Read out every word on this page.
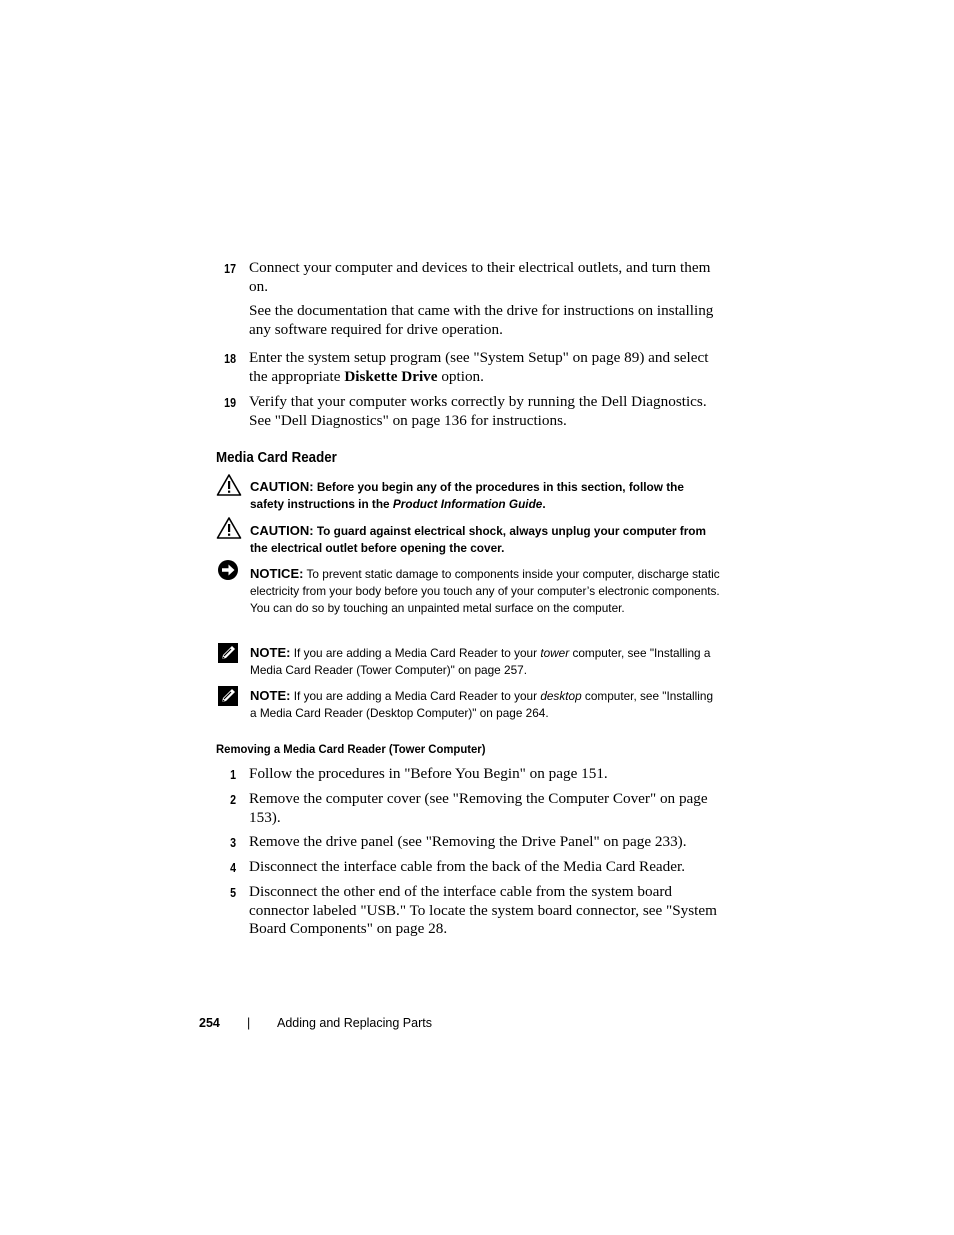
17 Connect your computer and devices to their electrical outlets, and turn them on.
See the documentation that came with the drive for instructions on installing any software required for drive operation.
18 Enter the system setup program (see "System Setup" on page 89) and select the appropriate Diskette Drive option.
19 Verify that your computer works correctly by running the Dell Diagnostics. See "Dell Diagnostics" on page 136 for instructions.
Media Card Reader
CAUTION: Before you begin any of the procedures in this section, follow the safety instructions in the Product Information Guide.
CAUTION: To guard against electrical shock, always unplug your computer from the electrical outlet before opening the cover.
NOTICE: To prevent static damage to components inside your computer, discharge static electricity from your body before you touch any of your computer’s electronic components. You can do so by touching an unpainted metal surface on the computer.
NOTE: If you are adding a Media Card Reader to your tower computer, see "Installing a Media Card Reader (Tower Computer)" on page 257.
NOTE: If you are adding a Media Card Reader to your desktop computer, see "Installing a Media Card Reader (Desktop Computer)" on page 264.
Removing a Media Card Reader (Tower Computer)
1 Follow the procedures in "Before You Begin" on page 151.
2 Remove the computer cover (see "Removing the Computer Cover" on page 153).
3 Remove the drive panel (see "Removing the Drive Panel" on page 233).
4 Disconnect the interface cable from the back of the Media Card Reader.
5 Disconnect the other end of the interface cable from the system board connector labeled "USB." To locate the system board connector, see "System Board Components" on page 28.
254 | Adding and Replacing Parts
